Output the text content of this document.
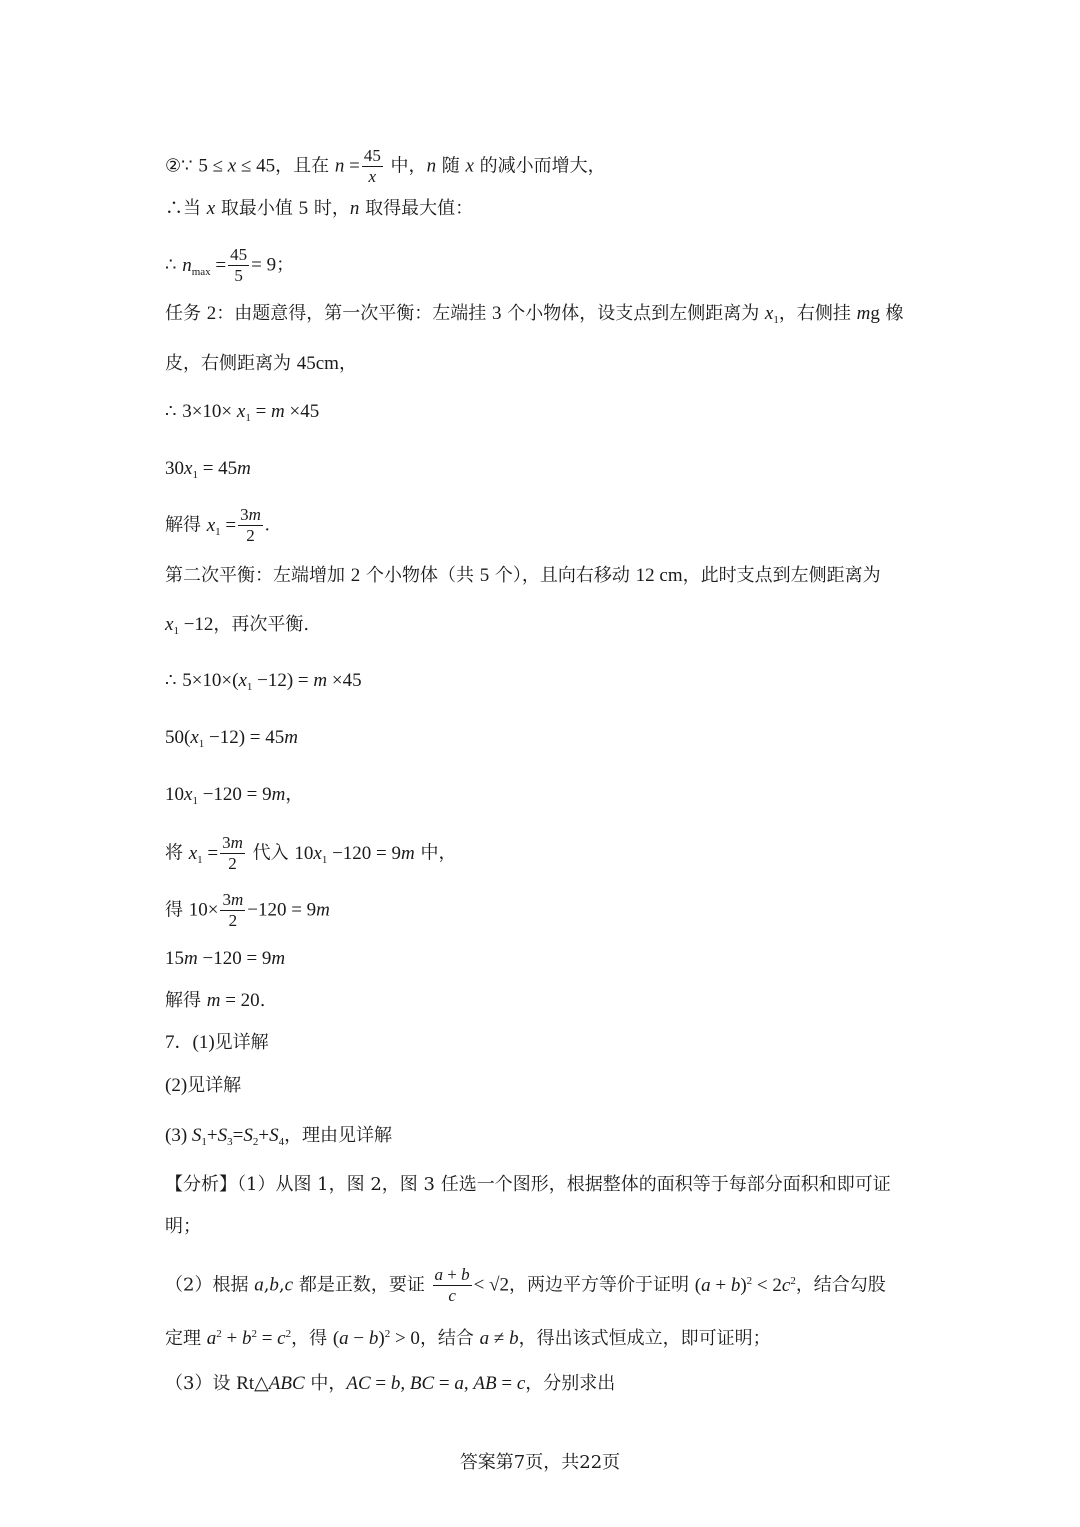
②∵ 5 ≤ x ≤ 45，且在 $n = \frac{45}{x}$ 中，n 随 x 的减小而增大，
∴当 x 取最小值 5 时，n 取得最大值：
∴ $n_{max} = \frac{45}{5} = 9$；
任务 2：由题意得，第一次平衡：左端挂 3 个小物体，设支点到左侧距离为 $x_1$，右侧挂 mg 橡
皮，右侧距离为 45cm，
∴ $3\times 10\times x_1 = m \times 45$
$30x_1 = 45m$
解得 $x_1 = \frac{3m}{2}$ .
第二次平衡：左端增加 2 个小物体（共 5 个），且向右移动 12 cm，此时支点到左侧距离为
$x_1 -12$，再次平衡.
∴ $5\times 10\times(x_1 -12) = m \times 45$
$50(x_1 -12) = 45m$
$10x_1 -120 = 9m$，
将 $x_1 = \frac{3m}{2}$ 代入 $10x_1 -120 = 9m$ 中，
得 $10\times \frac{3m}{2} -120 = 9m$
15m −120 = 9m
解得 m = 20.
7．(1)见详解
(2)见详解
(3) $S_1+S_3=S_2+S_4$，理由见详解
【分析】（1）从图 1，图 2，图 3 任选一个图形，根据整体的面积等于每部分面积和即可证
明；
（2）根据 a,b,c 都是正数，要证 $\frac{a + b}{c} < √2$，两边平方等价于证明 $(a + b)^2 < 2c^2$，结合勾股
定理 $a^2 + b^2 = c^2$，得 $(a - b)^2 > 0$，结合 a ≠ b，得出该式恒成立，即可证明；
（3）设 Rt△ABC 中，AC = b, BC = a, AB = c，分别求出
答案第7页，共22页
